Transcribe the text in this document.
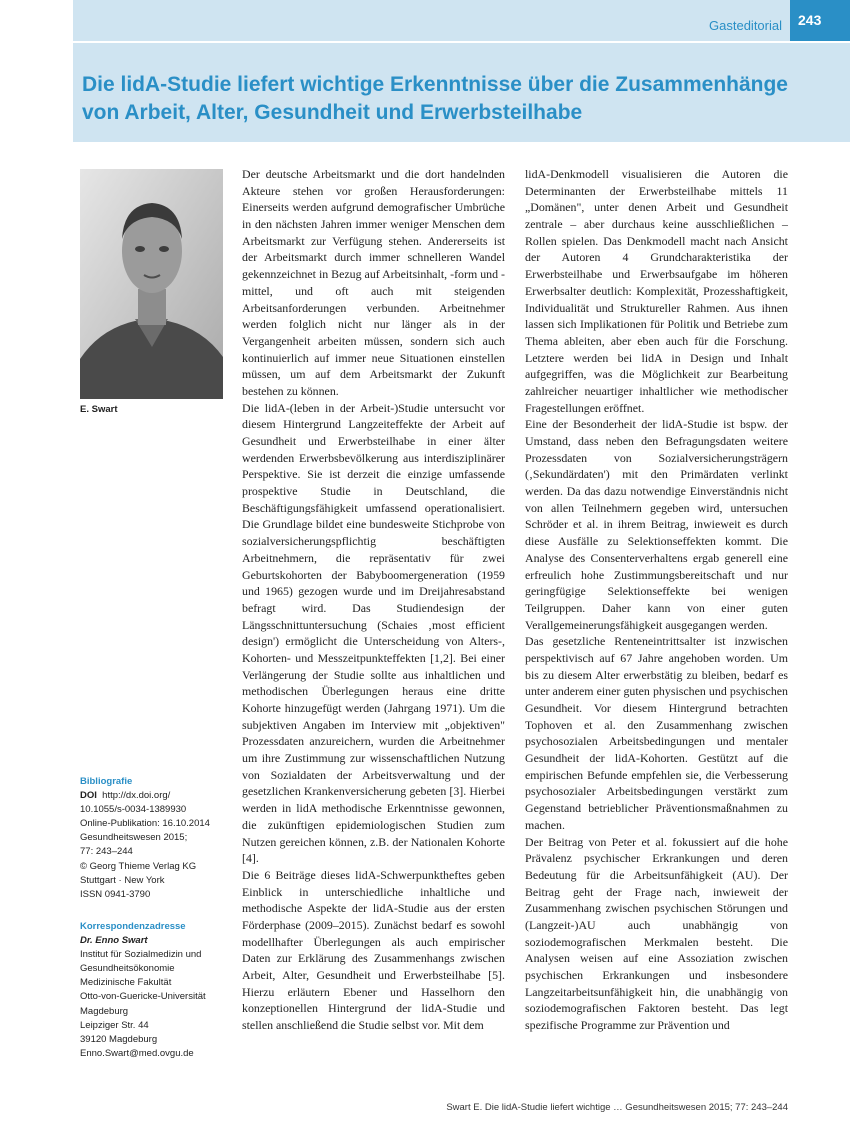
Gasteditorial	243
Die lidA-Studie liefert wichtige Erkenntnisse über die Zusammenhänge von Arbeit, Alter, Gesundheit und Erwerbsteilhabe
E. Swart
Bibliografie
DOI http://dx.doi.org/
10.1055/s-0034-1389930
Online-Publikation: 16.10.2014
Gesundheitswesen 2015;
77: 243–244
© Georg Thieme Verlag KG
Stuttgart · New York
ISSN 0941-3790
Korrespondenzadresse
Dr. Enno Swart
Institut für Sozialmedizin und
Gesundheitsökonomie
Medizinische Fakultät
Otto-von-Guericke-Universität
Magdeburg
Leipziger Str. 44
39120 Magdeburg
Enno.Swart@med.ovgu.de

Der deutsche Arbeitsmarkt und die dort handelnden Akteure stehen vor großen Herausforderungen: Einerseits werden aufgrund demografischer Umbrüche in den nächsten Jahren immer weniger Menschen dem Arbeitsmarkt zur Verfügung stehen. Andererseits ist der Arbeitsmarkt durch immer schnelleren Wandel gekennzeichnet in Bezug auf Arbeitsinhalt, -form und -mittel, und oft auch mit steigenden Arbeitsanforderungen verbunden. Arbeitnehmer werden folglich nicht nur länger als in der Vergangenheit arbeiten müssen, sondern sich auch kontinuierlich auf immer neue Situationen einstellen müssen, um auf dem Arbeitsmarkt der Zukunft bestehen zu können.

Die lidA-(leben in der Arbeit-)Studie untersucht vor diesem Hintergrund Langzeiteffekte der Arbeit auf Gesundheit und Erwerbsteilhabe in einer älter werdenden Erwerbsbevölkerung aus interdisziplinärer Perspektive. Sie ist derzeit die einzige umfassende prospektive Studie in Deutschland, die Beschäftigungsfähigkeit umfassend operationalisiert. Die Grundlage bildet eine bundesweite Stichprobe von sozialversicherungspflichtig beschäftigten Arbeitnehmern, die repräsentativ für zwei Geburtskohorten der Babyboomergeneration (1959 und 1965) gezogen wurde und im Dreijahresabstand befragt wird. Das Studiendesign der Längsschnittuntersuchung (Schaies ‚most efficient design') ermöglicht die Unterscheidung von Alters-, Kohorten- und Messzeitpunkteffekten [1,2]. Bei einer Verlängerung der Studie sollte aus inhaltlichen und methodischen Überlegungen heraus eine dritte Kohorte hinzugefügt werden (Jahrgang 1971). Um die subjektiven Angaben im Interview mit „objektiven" Prozessdaten anzureichern, wurden die Arbeitnehmer um ihre Zustimmung zur wissenschaftlichen Nutzung von Sozialdaten der Arbeitsverwaltung und der gesetzlichen Krankenversicherung gebeten [3]. Hierbei werden in lidA methodische Erkenntnisse gewonnen, die zukünftigen epidemiologischen Studien zum Nutzen gereichen können, z.B. der Nationalen Kohorte [4].

Die 6 Beiträge dieses lidA-Schwerpunktheftes geben Einblick in unterschiedliche inhaltliche und methodische Aspekte der lidA-Studie aus der ersten Förderphase (2009–2015). Zunächst bedarf es sowohl modellhafter Überlegungen als auch empirischer Daten zur Erklärung des Zusammenhangs zwischen Arbeit, Alter, Gesundheit und Erwerbsteilhabe [5]. Hierzu erläutern Ebener und Hasselhorn den konzeptionellen Hintergrund der lidA-Studie und stellen anschließend die Studie selbst vor. Mit dem

lidA-Denkmodell visualisieren die Autoren die Determinanten der Erwerbsteilhabe mittels 11 „Domänen", unter denen Arbeit und Gesundheit zentrale – aber durchaus keine ausschließlichen – Rollen spielen. Das Denkmodell macht nach Ansicht der Autoren 4 Grundcharakteristika der Erwerbsteilhabe und Erwerbsaufgabe im höheren Erwerbsalter deutlich: Komplexität, Prozesshaftigkeit, Individualität und Struktureller Rahmen. Aus ihnen lassen sich Implikationen für Politik und Betriebe zum Thema ableiten, aber eben auch für die Forschung. Letztere werden bei lidA in Design und Inhalt aufgegriffen, was die Möglichkeit zur Bearbeitung zahlreicher neuartiger inhaltlicher wie methodischer Fragestellungen eröffnet.

Eine der Besonderheit der lidA-Studie ist bspw. der Umstand, dass neben den Befragungsdaten weitere Prozessdaten von Sozialversicherungsträgern (‚Sekundärdaten') mit den Primärdaten verlinkt werden. Da das dazu notwendige Einverständnis nicht von allen Teilnehmern gegeben wird, untersuchen Schröder et al. in ihrem Beitrag, inwieweit es durch diese Ausfälle zu Selektionseffekten kommt. Die Analyse des Consenterverhaltens ergab generell eine erfreulich hohe Zustimmungsbereitschaft und nur geringfügige Selektionseffekte bei wenigen Teilgruppen. Daher kann von einer guten Verallgemeinerungsfähigkeit ausgegangen werden.

Das gesetzliche Renteneintrittsalter ist inzwischen perspektivisch auf 67 Jahre angehoben worden. Um bis zu diesem Alter erwerbstätig zu bleiben, bedarf es unter anderem einer guten physischen und psychischen Gesundheit. Vor diesem Hintergrund betrachten Tophoven et al. den Zusammenhang zwischen psychosozialen Arbeitsbedingungen und mentaler Gesundheit der lidA-Kohorten. Gestützt auf die empirischen Befunde empfehlen sie, die Verbesserung psychosozialer Arbeitsbedingungen verstärkt zum Gegenstand betrieblicher Präventionsmaßnahmen zu machen.

Der Beitrag von Peter et al. fokussiert auf die hohe Prävalenz psychischer Erkrankungen und deren Bedeutung für die Arbeitsunfähigkeit (AU). Der Beitrag geht der Frage nach, inwieweit der Zusammenhang zwischen psychischen Störungen und (Langzeit-)AU auch unabhängig von soziodemografischen Merkmalen besteht. Die Analysen weisen auf eine Assoziation zwischen psychischen Erkrankungen und insbesondere Langzeitarbeitsunfähigkeit hin, die unabhängig von soziodemografischen Faktoren besteht. Das legt spezifische Programme zur Prävention und

Swart E. Die lidA-Studie liefert wichtige … Gesundheitswesen 2015; 77: 243–244
